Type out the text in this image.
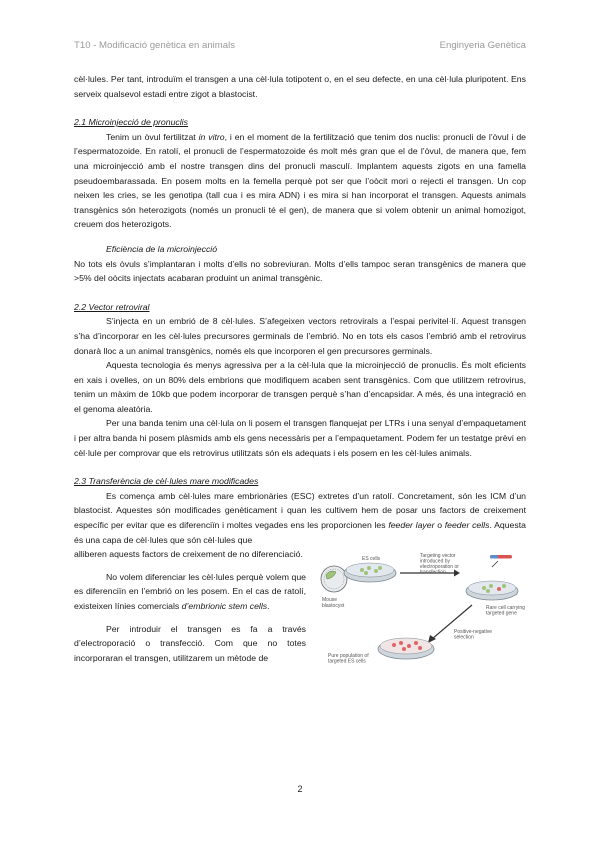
T10 - Modificació genètica en animals	Enginyeria Genètica

cèl·lules. Per tant, introduïm el transgen a una cèl·lula totipotent o, en el seu defecte, en una cèl·lula pluripotent. Ens serveix qualsevol estadi entre zigot a blastocist.

2.1 Microinjecció de pronuclis

Tenim un òvul fertilitzat in vitro, i en el moment de la fertilització que tenim dos nuclis: pronucli de l’òvul i de l’espermatozoide. En ratolí, el pronucli de l’espermatozoide és molt més gran que el de l’òvul, de manera que, fem una microinjecció amb el nostre transgen dins del pronucli masculí. Implantem aquests zigots en una famella pseudoembarassada. En posem molts en la femella perquè pot ser que l’oòcit mori o rejecti el transgen. Un cop neixen les cries, se les genotipa (tall cua i es mira ADN) i es mira si han incorporat el transgen. Aquests animals transgènics són heterozigots (només un pronucli té el gen), de manera que si volem obtenir un animal homozigot, creuem dos heterozigots.

Eficiència de la microinjecció

No tots els òvuls s’implantaran i molts d’ells no sobreviuran. Molts d’ells tampoc seran transgènics de manera que >5% del oòcits injectats acabaran produint un animal transgènic.

2.2 Vector retroviral

S’injecta en un embrió de 8 cèl·lules. S’afegeixen vectors retrovirals a l’espai perivitel·lí. Aquest transgen s’ha d’incorporar en les cèl·lules precursores germinals de l’embrió. No en tots els casos l’embrió amb el retrovirus donarà lloc a un animal transgènics, només els que incorporen el gen precursores germinals.

Aquesta tecnologia és menys agressiva per a la cèl·lula que la microinjecció de pronuclis. És molt eficients en xais i ovelles, on un 80% dels embrions que modifiquem acaben sent transgènics. Com que utilitzem retrovirus, tenim un màxim de 10kb que podem incorporar de transgen perquè s’han d’encapsidar. A més, és una integració en el genoma aleatòria.

Per una banda tenim una cèl·lula on li posem el transgen flanquejat per LTRs i una senyal d’empaquetament i per altra banda hi posem plàsmids amb els gens necessàris per a l’empaquetament. Podem fer un testatge prèvi en cèl·lule per comprovar que els retrovirus utilitzats són els adequats i els posem en les cèl·lules animals.

2.3 Transferència de cèl·lules mare modificades

Es comença amb cèl·lules mare embrionàries (ESC) extretes d’un ratolí. Concretament, són les ICM d’un blastocist. Aquestes són modificades genèticament i quan les cultivem hem de posar uns factors de creixement específic per evitar que es diferenciïn i moltes vegades ens les proporcionen les feeder layer o feeder cells. Aquesta és una capa de cèl·lules que són cèl·lules que

alliberen aquests factors de creixement de no diferenciació.

No volem diferenciar les cèl·lules perquè volem que es diferenciïn en l’embrió on les posem. En el cas de ratolí, existeixen línies comercials d’embrionic stem cells.

Per introduir el transgen es fa a través d’electroporació o transfecció. Com que no totes incorporaran el transgen, utilitzarem un mètode de

Mouse blastocyst
ES cells	Targeting vector introduced by electroporation or transfection
Rare cell carrying targeted gene
Positive-negative selection
Pure population of targeted ES cells
2
